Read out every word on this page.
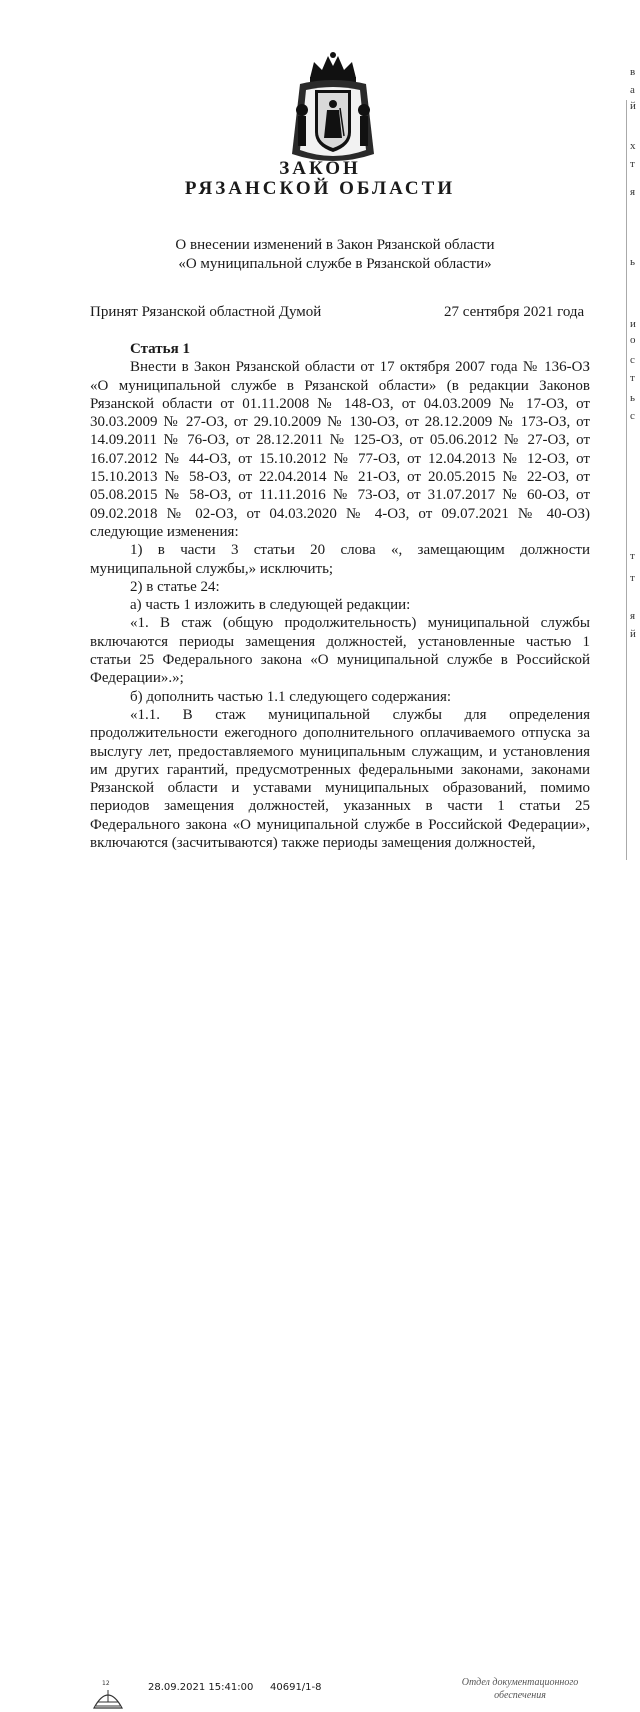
ЗАКОН
РЯЗАНСКОЙ ОБЛАСТИ
О внесении изменений в Закон Рязанской области
«О муниципальной службе в Рязанской области»
Принят Рязанской областной Думой	27 сентября 2021 года

Статья 1

Внести в Закон Рязанской области от 17 октября 2007 года № 136-ОЗ «О муниципальной службе в Рязанской области» (в редакции Законов Рязанской области от 01.11.2008 № 148-ОЗ, от 04.03.2009 № 17-ОЗ, от 30.03.2009 № 27-ОЗ, от 29.10.2009 № 130-ОЗ, от 28.12.2009 № 173-ОЗ, от 14.09.2011 № 76-ОЗ, от 28.12.2011 № 125-ОЗ, от 05.06.2012 № 27-ОЗ, от 16.07.2012 № 44-ОЗ, от 15.10.2012 № 77-ОЗ, от 12.04.2013 № 12-ОЗ, от 15.10.2013 № 58-ОЗ, от 22.04.2014 № 21-ОЗ, от 20.05.2015 № 22-ОЗ, от 05.08.2015 № 58-ОЗ, от 11.11.2016 № 73-ОЗ, от 31.07.2017 № 60-ОЗ, от 09.02.2018 № 02-ОЗ, от 04.03.2020 № 4-ОЗ, от 09.07.2021 № 40-ОЗ) следующие изменения:

1) в части 3 статьи 20 слова «, замещающим должности муниципальной службы,» исключить;

2) в статье 24:

а) часть 1 изложить в следующей редакции:

«1. В стаж (общую продолжительность) муниципальной службы включаются периоды замещения должностей, установленные частью 1 статьи 25 Федерального закона «О муниципальной службе в Российской Федерации».»;

б) дополнить частью 1.1 следующего содержания:

«1.1. В стаж муниципальной службы для определения продолжительности ежегодного дополнительного оплачиваемого отпуска за выслугу лет, предоставляемого муниципальным служащим, и установления им других гарантий, предусмотренных федеральными законами, законами Рязанской области и уставами муниципальных образований, помимо периодов замещения должностей, указанных в части 1 статьи 25 Федерального закона «О муниципальной службе в Российской Федерации», включаются (засчитываются) также периоды замещения должностей,

12	28.09.2021 15:41:00 40691/1-8	Отдел документационного
обеспечения
в
а
й
х
т
я
ь
и
о
с
т
ь
с
т
т
я
й
